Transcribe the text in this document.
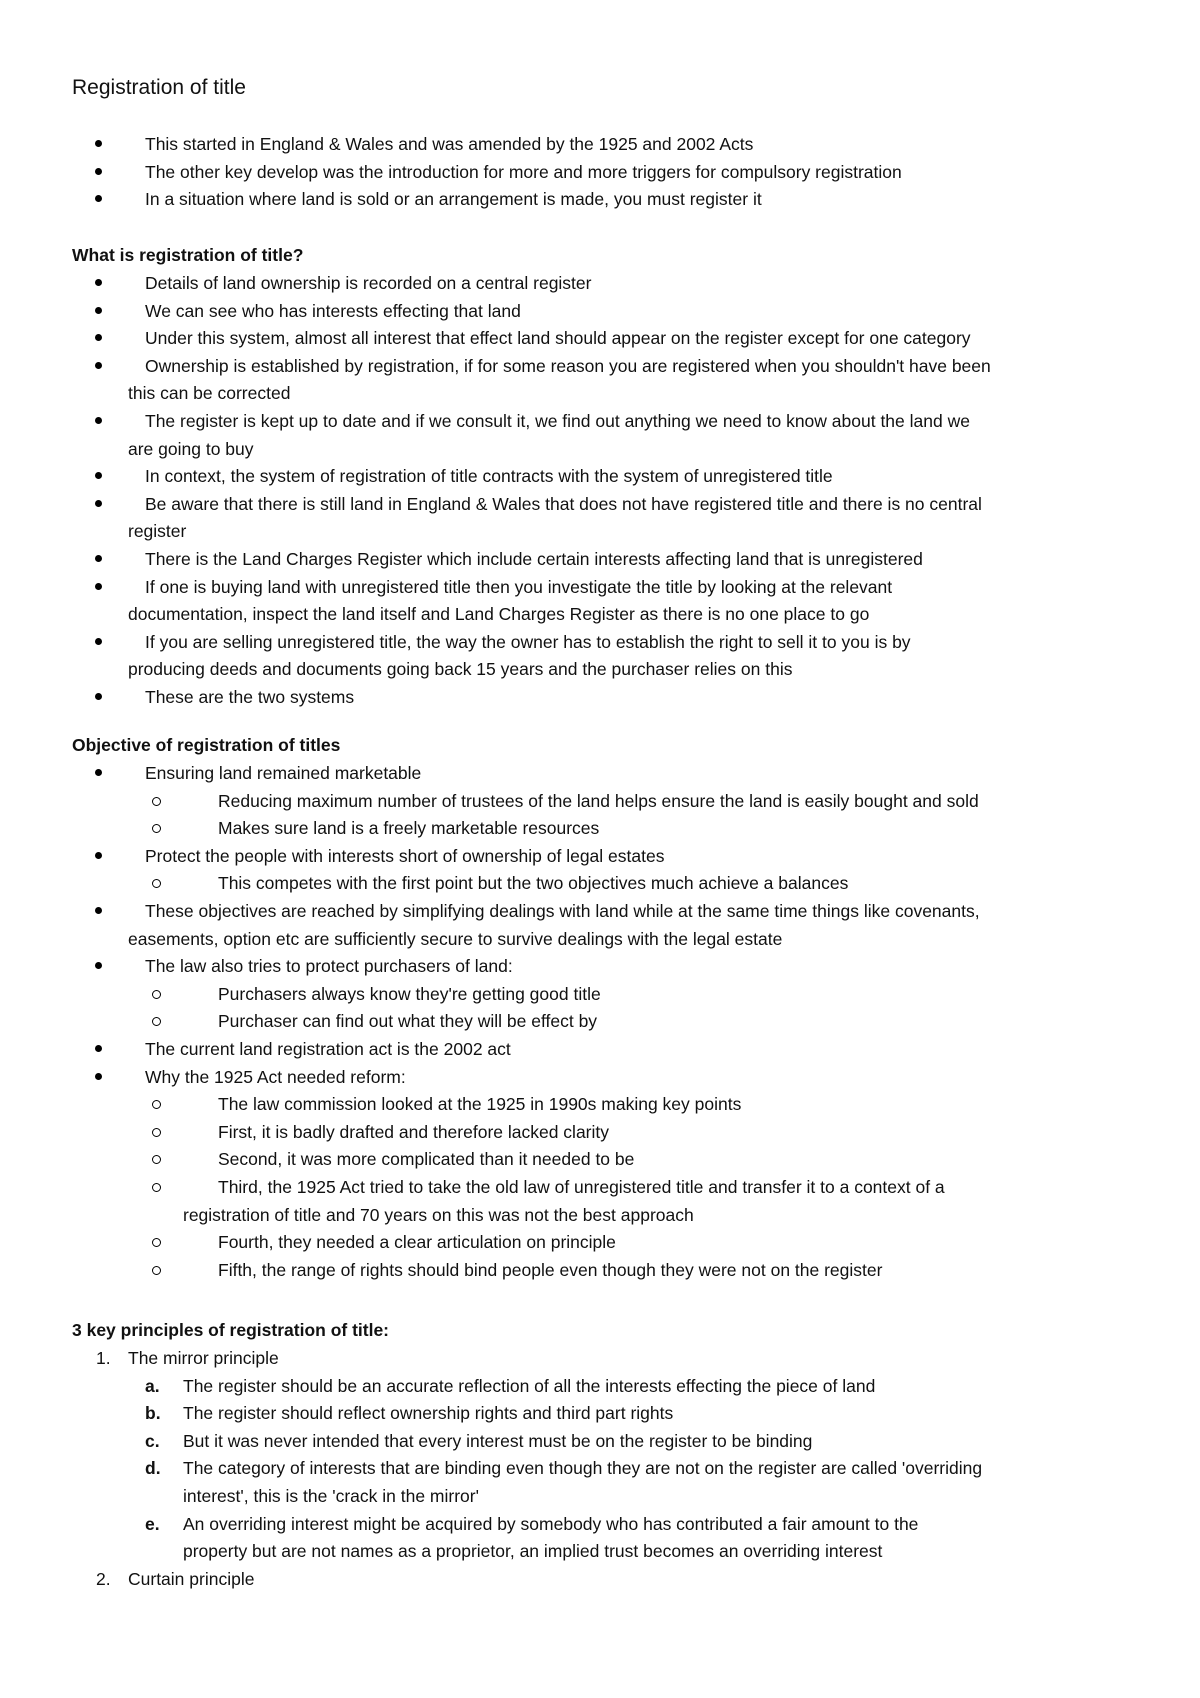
Registration of title
This started in England & Wales and was amended by the 1925 and 2002 Acts
The other key develop was the introduction for more and more triggers for compulsory registration
In a situation where land is sold or an arrangement is made, you must register it
What is registration of title?
Details of land ownership is recorded on a central register
We can see who has interests effecting that land
Under this system, almost all interest that effect land should appear on the register except for one category
Ownership is established by registration, if for some reason you are registered when you shouldn't have been
this can be corrected
The register is kept up to date and if we consult it, we find out anything we need to know about the land we
are going to buy
In context, the system of registration of title contracts with the system of unregistered title
Be aware that there is still land in England & Wales that does not have registered title and there is no central
register
There is the Land Charges Register which include certain interests affecting land that is unregistered
If one is buying land with unregistered title then you investigate the title by looking at the relevant
documentation, inspect the land itself and Land Charges Register as there is no one place to go
If you are selling unregistered title, the way the owner has to establish the right to sell it to you is by
producing deeds and documents going back 15 years and the purchaser relies on this
These are the two systems
Objective of registration of titles
Ensuring land remained marketable
Reducing maximum number of trustees of the land helps ensure the land is easily bought and sold
Makes sure land is a freely marketable resources
Protect the people with interests short of ownership of legal estates
This competes with the first point but the two objectives much achieve a balances
These objectives are reached by simplifying dealings with land while at the same time things like covenants,
easements, option etc are sufficiently secure to survive dealings with the legal estate
The law also tries to protect purchasers of land:
Purchasers always know they're getting good title
Purchaser can find out what they will be effect by
The current land registration act is the 2002 act
Why the 1925 Act needed reform:
The law commission looked at the 1925 in 1990s making key points
First, it is badly drafted and therefore lacked clarity
Second, it was more complicated than it needed to be
Third, the 1925 Act tried to take the old law of unregistered title and transfer it to a context of a
registration of title and 70 years on this was not the best approach
Fourth, they needed a clear articulation on principle
Fifth, the range of rights should bind people even though they were not on the register
3 key principles of registration of title:
1. The mirror principle
a. The register should be an accurate reflection of all the interests effecting the piece of land
b. The register should reflect ownership rights and third part rights
c. But it was never intended that every interest must be on the register to be binding
d. The category of interests that are binding even though they are not on the register are called 'overriding
interest', this is the 'crack in the mirror'
e. An overriding interest might be acquired by somebody who has contributed a fair amount to the
property but are not names as a proprietor, an implied trust becomes an overriding interest
2. Curtain principle
